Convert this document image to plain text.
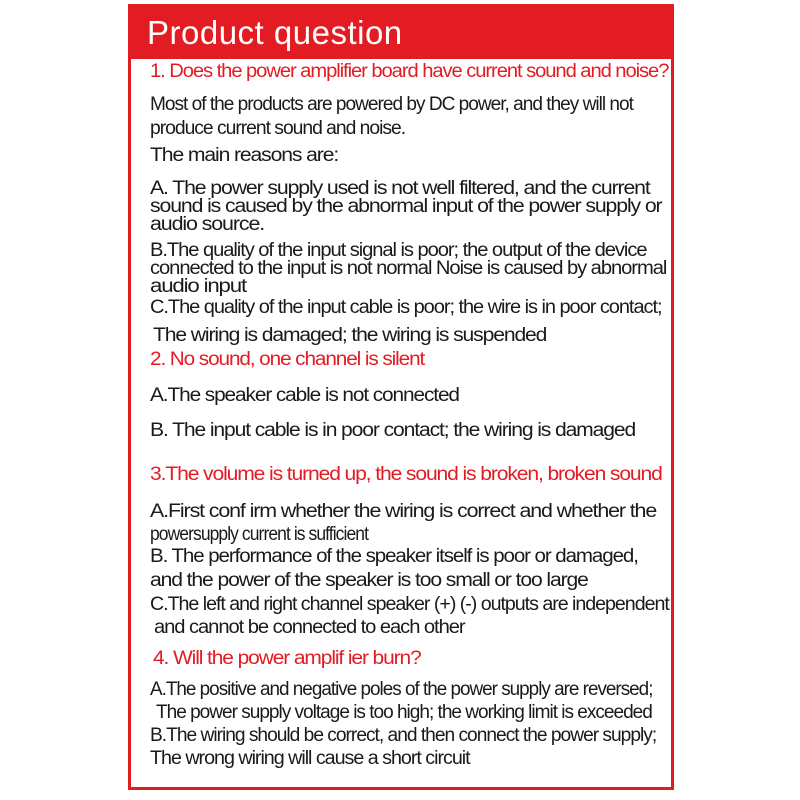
Product question
1. Does the power amplifier board have current sound and noise?
Most of the products are powered by DC power, and they will not
produce current sound and noise.
The main reasons are:
A. The power supply used is not well filtered, and the current
sound is caused by the abnormal input of the power supply or
audio source.
B.The quality of the input signal is poor; the output of the device
connected to the input is not normal Noise is caused by abnormal
audio input
C.The quality of the input cable is poor; the wire is in poor contact;
The wiring is damaged; the wiring is suspended
2. No sound, one channel is silent
A.The speaker cable is not connected
B. The input cable is in poor contact; the wiring is damaged
3.The volume is turned up, the sound is broken, broken sound
A.First conf irm whether the wiring is correct and whether the
powersupply current is sufficient
B. The performance of the speaker itself is poor or damaged,
and the power of the speaker is too small or too large
C.The left and right channel speaker (+) (-) outputs are independent
and cannot be connected to each other
4. Will the power amplif ier burn?
A.The positive and negative poles of the power supply are reversed;
The power supply voltage is too high; the working limit is exceeded
B.The wiring should be correct, and then connect the power supply;
The wrong wiring will cause a short circuit
